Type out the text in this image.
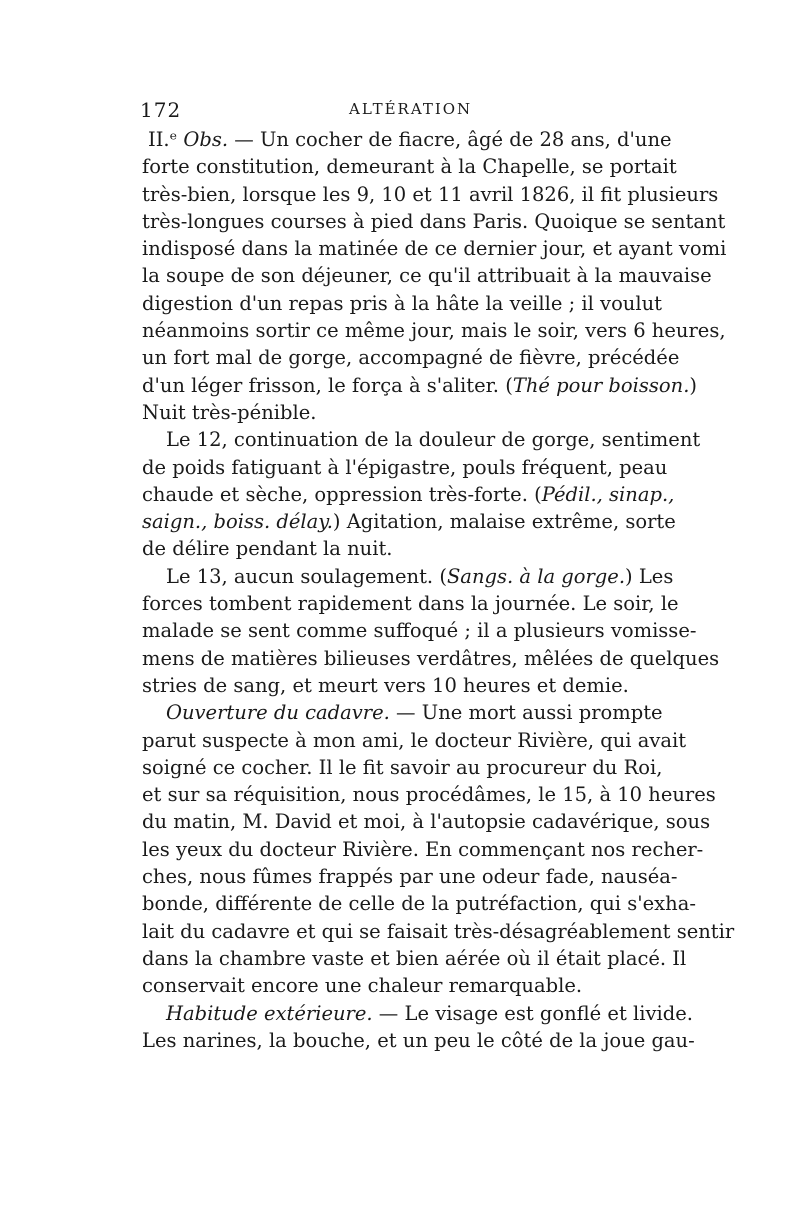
172	ALTÉRATION
II.ᵉ Obs. — Un cocher de fiacre, âgé de 28 ans, d'une
forte constitution, demeurant à la Chapelle, se portait
très-bien, lorsque les 9, 10 et 11 avril 1826, il fit plusieurs
très-longues courses à pied dans Paris. Quoique se sentant
indisposé dans la matinée de ce dernier jour, et ayant vomi
la soupe de son déjeuner, ce qu'il attribuait à la mauvaise
digestion d'un repas pris à la hâte la veille ; il voulut
néanmoins sortir ce même jour, mais le soir, vers 6 heures,
un fort mal de gorge, accompagné de fièvre, précédée
d'un léger frisson, le força à s'aliter. (Thé pour boisson.)
Nuit très-pénible.
Le 12, continuation de la douleur de gorge, sentiment
de poids fatiguant à l'épigastre, pouls fréquent, peau
chaude et sèche, oppression très-forte. (Pédil., sinap.,
saign., boiss. délay.) Agitation, malaise extrême, sorte
de délire pendant la nuit.
Le 13, aucun soulagement. (Sangs. à la gorge.) Les
forces tombent rapidement dans la journée. Le soir, le
malade se sent comme suffoqué ; il a plusieurs vomisse-
mens de matières bilieuses verdâtres, mêlées de quelques
stries de sang, et meurt vers 10 heures et demie.
Ouverture du cadavre. — Une mort aussi prompte
parut suspecte à mon ami, le docteur Rivière, qui avait
soigné ce cocher. Il le fit savoir au procureur du Roi,
et sur sa réquisition, nous procédâmes, le 15, à 10 heures
du matin, M. David et moi, à l'autopsie cadavérique, sous
les yeux du docteur Rivière. En commençant nos recher-
ches, nous fûmes frappés par une odeur fade, nauséa-
bonde, différente de celle de la putréfaction, qui s'exha-
lait du cadavre et qui se faisait très-désagréablement sentir
dans la chambre vaste et bien aérée où il était placé. Il
conservait encore une chaleur remarquable.
Habitude extérieure. — Le visage est gonflé et livide.
Les narines, la bouche, et un peu le côté de la joue gau-
